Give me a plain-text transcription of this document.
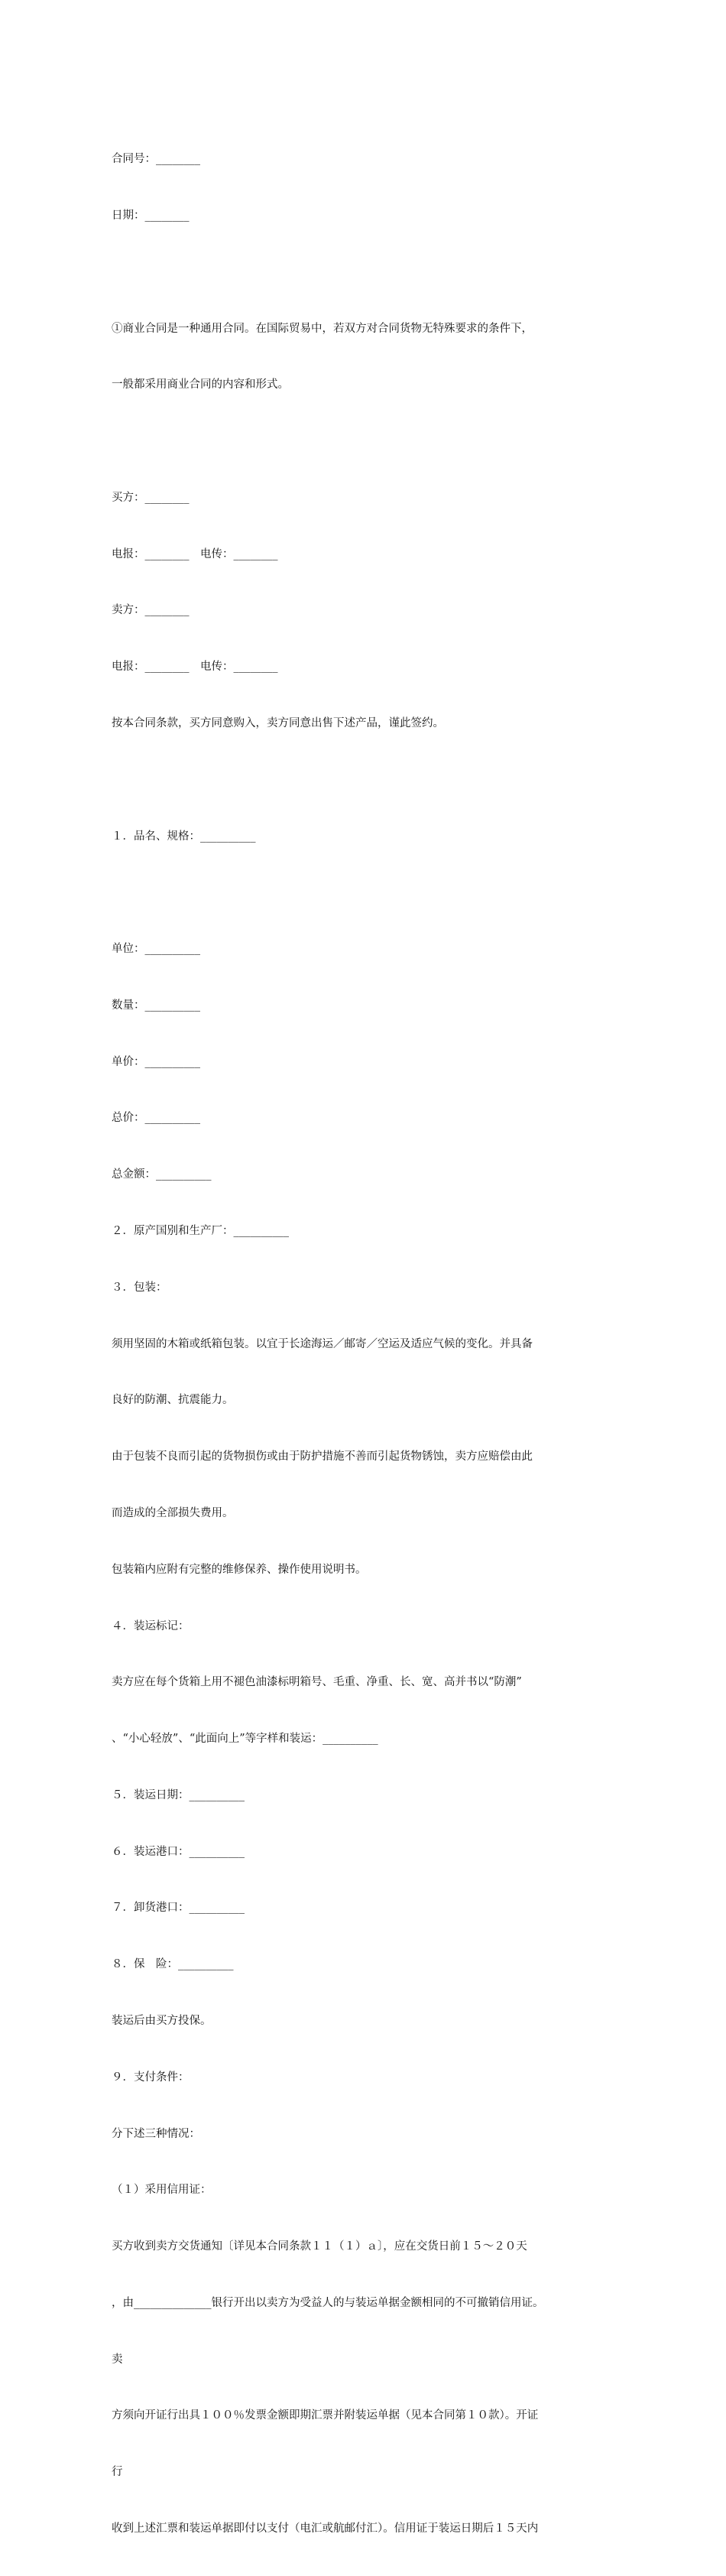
合同号：________

日期：________

①商业合同是一种通用合同。在国际贸易中，若双方对合同货物无特殊要求的条件下，

一般都采用商业合同的内容和形式。

买方：________

电报：________　电传：________

卖方：________

电报：________　电传：________

按本合同条款，买方同意购入，卖方同意出售下述产品，谨此签约。

１．品名、规格：__________

单位：__________

数量：__________

单价：__________

总价：__________

总金额：__________

２．原产国别和生产厂：__________

３．包装：

须用坚固的木箱或纸箱包装。以宜于长途海运／邮寄／空运及适应气候的变化。并具备

良好的防潮、抗震能力。

由于包装不良而引起的货物损伤或由于防护措施不善而引起货物锈蚀，卖方应赔偿由此

而造成的全部损失费用。

包装箱内应附有完整的维修保养、操作使用说明书。

４．装运标记：

卖方应在每个货箱上用不褪色油漆标明箱号、毛重、净重、长、宽、高并书以“防潮”

、“小心轻放”、“此面向上”等字样和装运：__________

５．装运日期：__________

６．装运港口：__________

７．卸货港口：__________

８．保　险：__________

装运后由买方投保。

９．支付条件：

分下述三种情况：

（１）采用信用证：

买方收到卖方交货通知〔详见本合同条款１１（１）ａ〕，应在交货日前１５～２０天

，由______________银行开出以卖方为受益人的与装运单据金额相同的不可撤销信用证。

卖

方须向开证行出具１００％发票金额即期汇票并附装运单据（见本合同第１０款）。开证

行

收到上述汇票和装运单据即付以支付（电汇或航邮付汇）。信用证于装运日期后１５天内
